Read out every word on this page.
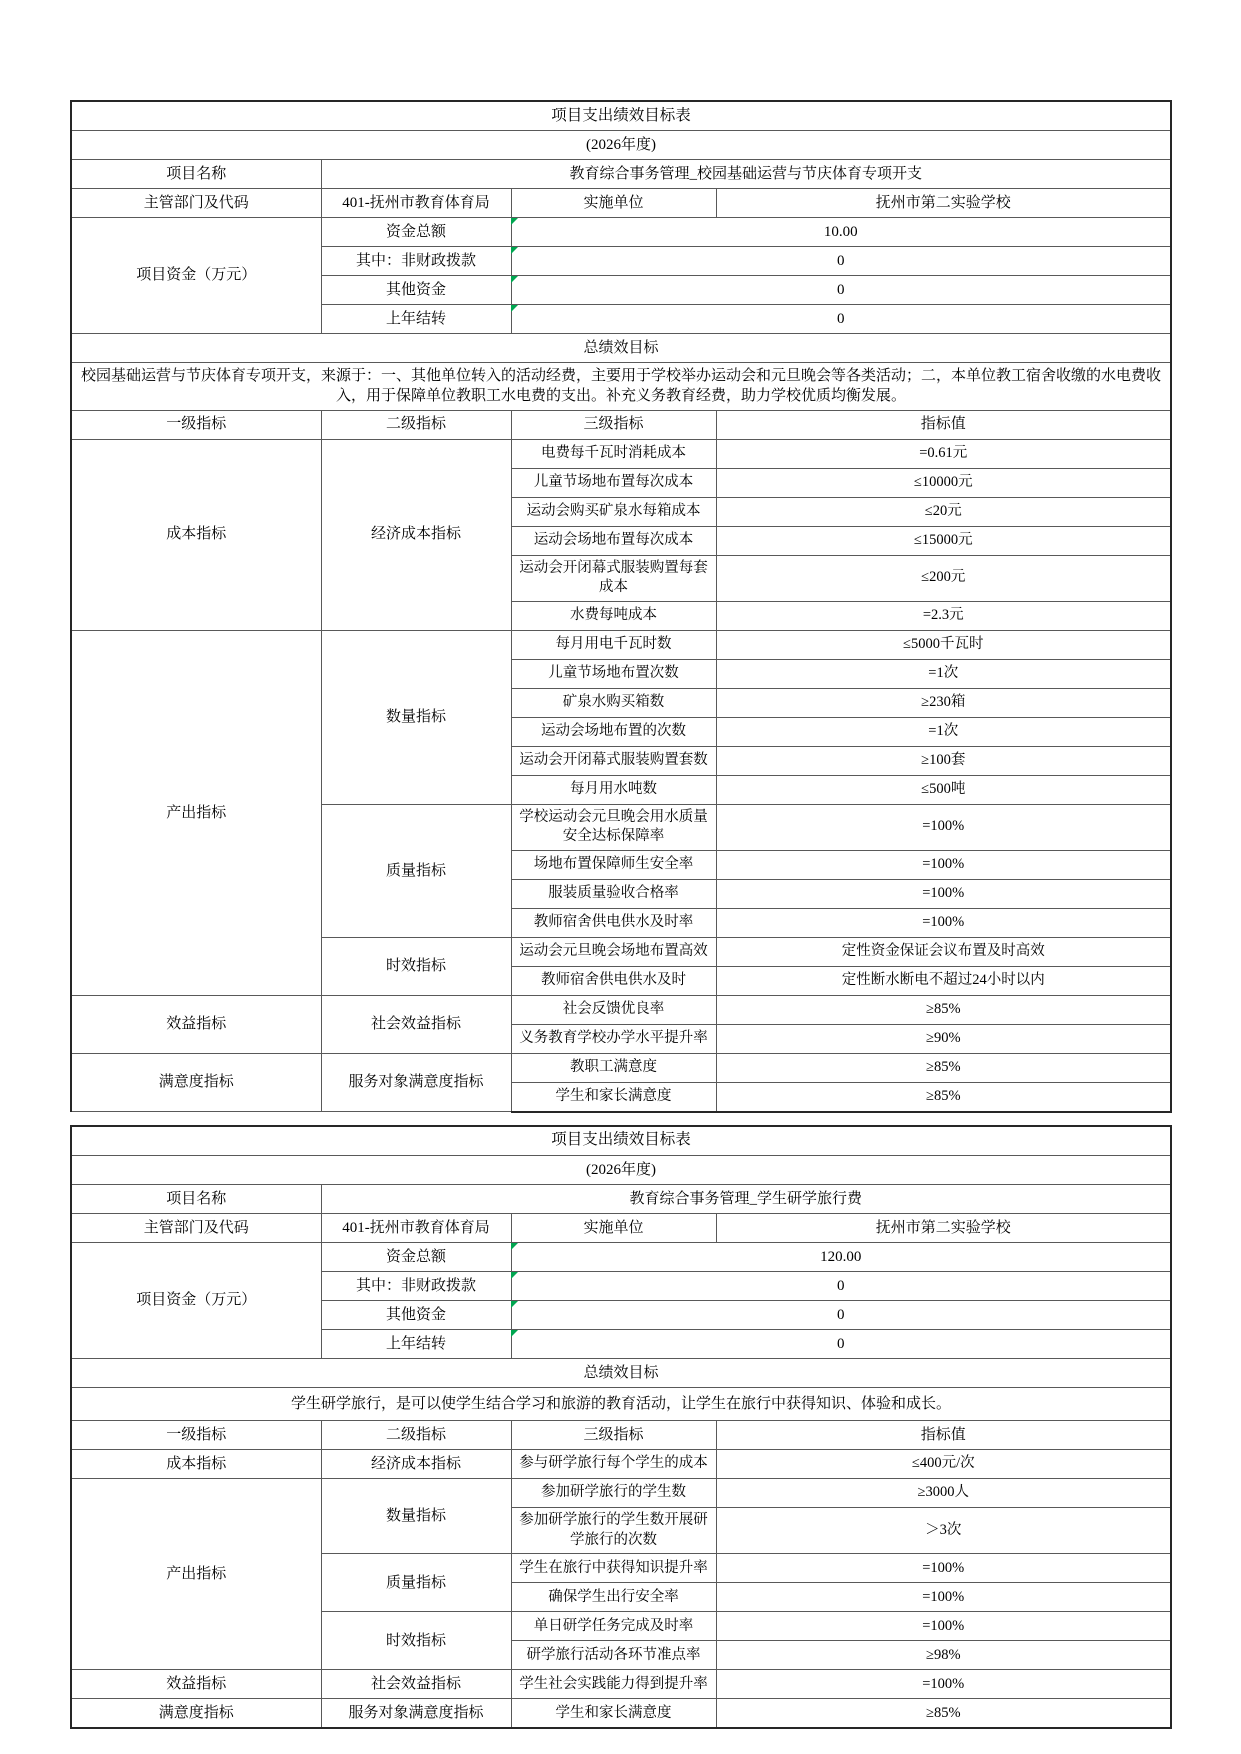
项目支出绩效目标表			
(2026年度)			
项目名称	教育综合事务管理_校园基础运营与节庆体育专项开支		
主管部门及代码	401-抚州市教育体育局	实施单位	抚州市第二实验学校
项目资金（万元）	资金总额	10.00	
	其中：非财政拨款	0	
	其他资金	0	
	上年结转	0	
总绩效目标			
校园基础运营与节庆体育专项开支，来源于：一、其他单位转入的活动经费，主要用于学校举办运动会和元旦晚会等各类活动；二，本单位教工宿舍收缴的水电费收入，用于保障单位教职工水电费的支出。补充义务教育经费，助力学校优质均衡发展。			
一级指标	二级指标	三级指标	指标值
成本指标	经济成本指标	电费每千瓦时消耗成本	=0.61元
		儿童节场地布置每次成本	≤10000元
		运动会购买矿泉水每箱成本	≤20元
		运动会场地布置每次成本	≤15000元
		运动会开闭幕式服装购置每套成本	≤200元
		水费每吨成本	=2.3元
产出指标	数量指标	每月用电千瓦时数	≤5000千瓦时
		儿童节场地布置次数	=1次
		矿泉水购买箱数	≥230箱
		运动会场地布置的次数	=1次
		运动会开闭幕式服装购置套数	≥100套
		每月用水吨数	≤500吨
	质量指标	学校运动会元旦晚会用水质量安全达标保障率	=100%
		场地布置保障师生安全率	=100%
		服装质量验收合格率	=100%
		教师宿舍供电供水及时率	=100%
	时效指标	运动会元旦晚会场地布置高效	定性资金保证会议布置及时高效
		教师宿舍供电供水及时	定性断水断电不超过24小时以内
效益指标	社会效益指标	社会反馈优良率	≥85%
		义务教育学校办学水平提升率	≥90%
满意度指标	服务对象满意度指标	教职工满意度	≥85%
		学生和家长满意度	≥85%
项目支出绩效目标表			
(2026年度)			
项目名称	教育综合事务管理_学生研学旅行费		
主管部门及代码	401-抚州市教育体育局	实施单位	抚州市第二实验学校
项目资金（万元）	资金总额	120.00	
	其中：非财政拨款	0	
	其他资金	0	
	上年结转	0	
总绩效目标			
学生研学旅行，是可以使学生结合学习和旅游的教育活动，让学生在旅行中获得知识、体验和成长。			
一级指标	二级指标	三级指标	指标值
成本指标	经济成本指标	参与研学旅行每个学生的成本	≤400元/次
产出指标	数量指标	参加研学旅行的学生数	≥3000人
		参加研学旅行的学生数开展研学旅行的次数	＞3次
	质量指标	学生在旅行中获得知识提升率	=100%
		确保学生出行安全率	=100%
	时效指标	单日研学任务完成及时率	=100%
		研学旅行活动各环节准点率	≥98%
效益指标	社会效益指标	学生社会实践能力得到提升率	=100%
满意度指标	服务对象满意度指标	学生和家长满意度	≥85%
